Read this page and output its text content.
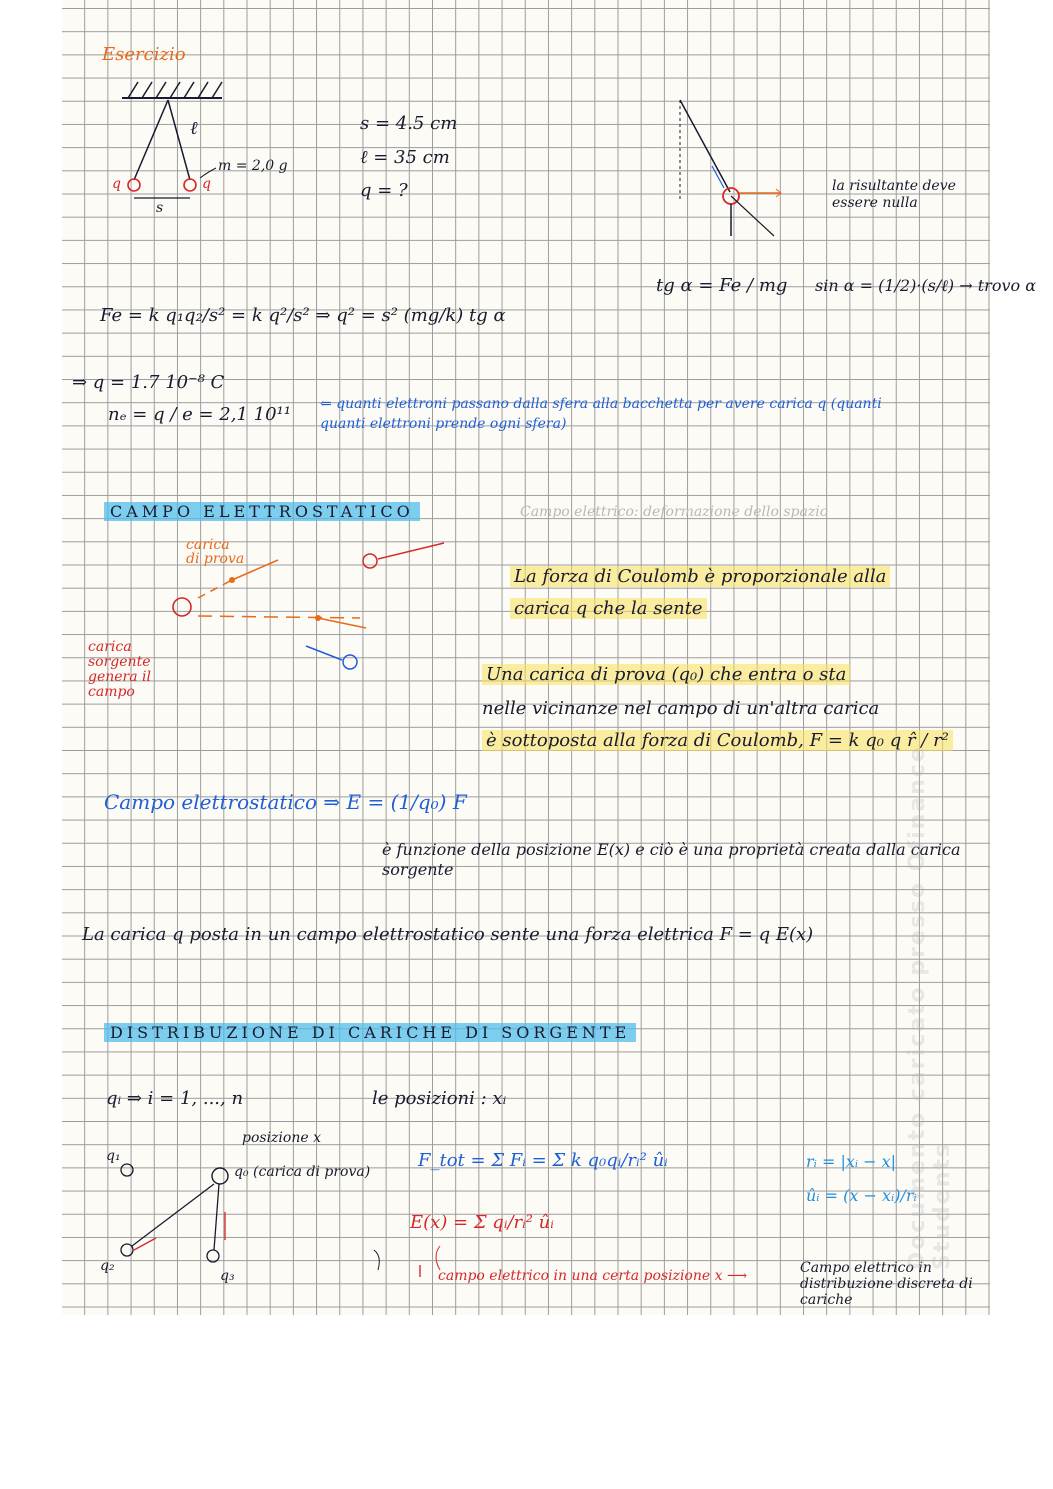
Esercizio
ℓ
m = 2,0 g
q	q
s
s = 4.5 cm
ℓ = 35 cm
q = ?	la risultante deve essere nulla
tg α = Fe / mg sin α = (1/2)·(s/ℓ) → trovo α
Fe = k q₁q₂/s² = k q²/s² ⇒ q² = s² (mg/k) tg α
⇒ q = 1.7 10⁻⁸ C
nₑ = q / e = 2,1 10¹¹ ⇐ quanti elettroni passano dalla sfera alla bacchetta per avere carica q (quanti quanti elettroni prende ogni sfera)
Campo elettrico: deformazione dello spazio
CAMPO ELETTROSTATICO
carica di prova
carica sorgente genera il campo
La forza di Coulomb è proporzionale alla
carica q che la sente
Una carica di prova (q₀) che entra o sta
nelle vicinanze nel campo di un'altra carica
è sottoposta alla forza di Coulomb, F = k q₀ q r̂ / r²
Campo elettrostatico ⇒ E = (1/q₀) F
è funzione della posizione E(x) e ciò è una proprietà creata dalla carica sorgente
La carica q posta in un campo elettrostatico sente una forza elettrica F = q E(x)
DISTRIBUZIONE DI CARICHE DI SORGENTE
qᵢ ⇒ i = 1, ..., n	le posizioni : xᵢ
q₁
q₂
q₃
posizione x
q₀ (carica di prova)
F_tot = Σ Fᵢ = Σ k q₀qᵢ/rᵢ² ûᵢ
E(x) = Σ qᵢ/rᵢ² ûᵢ
rᵢ = |xᵢ − x|
ûᵢ = (x − xᵢ)/rᵢ
campo elettrico in una certa posizione x ⟶	Campo elettrico in distribuzione discreta di cariche
Documento caricato presso Ofinance Students
